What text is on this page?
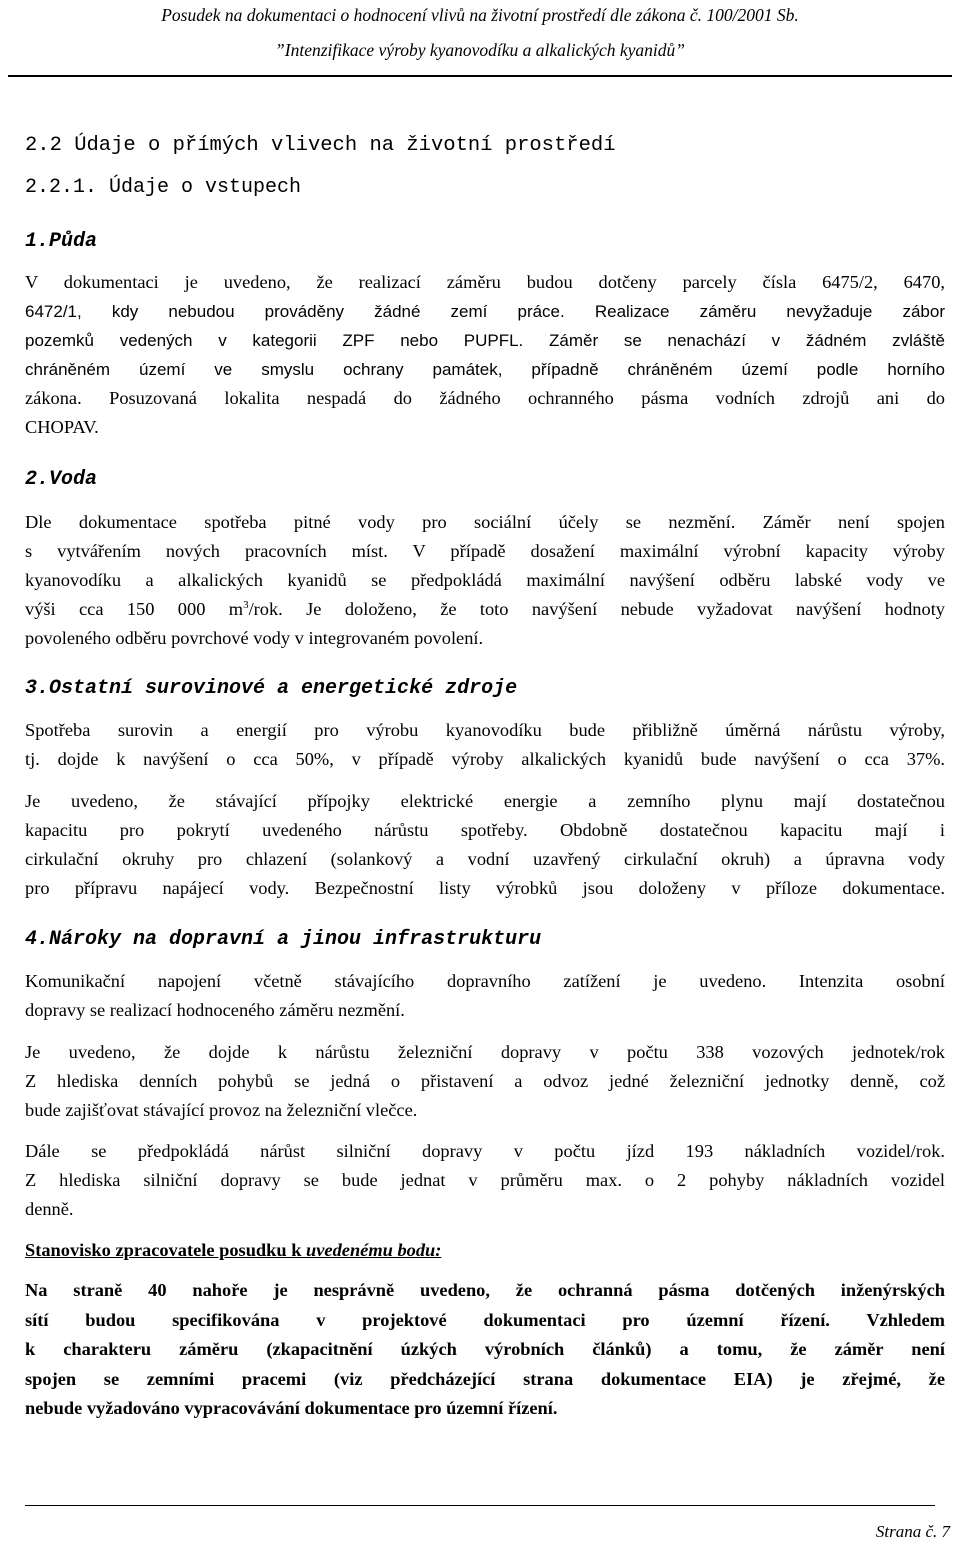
Posudek na dokumentaci o hodnocení vlivů na životní prostředí dle zákona č. 100/2001 Sb.
”Intenzifikace výroby kyanovodíku a alkalických kyanidů”
2.2 Údaje o přímých vlivech na životní prostředí
2.2.1. Údaje o vstupech
1.Půda
V dokumentaci je uvedeno, že realizací záměru budou dotčeny parcely čísla 6475/2, 6470,
6472/1, kdy nebudou prováděny žádné zemí práce. Realizace záměru nevyžaduje zábor
pozemků vedených v kategorii ZPF nebo PUPFL. Záměr se nenachází v žádném zvláště
chráněném území ve smyslu ochrany památek, případně chráněném území podle horního
zákona. Posuzovaná lokalita nespadá do žádného ochranného pásma vodních zdrojů ani do
CHOPAV.
2.Voda
Dle dokumentace spotřeba pitné vody pro sociální účely se nezmění. Záměr není spojen
s vytvářením nových pracovních míst. V případě dosažení maximální výrobní kapacity výroby
kyanovodíku a alkalických kyanidů se předpokládá maximální navýšení odběru labské vody ve
výši cca 150 000 $m^3$/rok. Je doloženo, že toto navýšení nebude vyžadovat navýšení hodnoty
povoleného odběru povrchové vody v integrovaném povolení.
3.Ostatní surovinové a energetické zdroje
Spotřeba surovin a energií pro výrobu kyanovodíku bude přibližně úměrná nárůstu výroby,
tj. dojde k navýšení o cca 50%, v případě výroby alkalických kyanidů bude navýšení o cca 37%.
Je uvedeno, že stávající přípojky elektrické energie a zemního plynu mají dostatečnou
kapacitu pro pokrytí uvedeného nárůstu spotřeby. Obdobně dostatečnou kapacitu mají i
cirkulační okruhy pro chlazení (solankový a vodní uzavřený cirkulační okruh) a úpravna vody
pro přípravu napájecí vody. Bezpečnostní listy výrobků jsou doloženy v příloze dokumentace.
4.Nároky na dopravní a jinou infrastrukturu
Komunikační napojení včetně stávajícího dopravního zatížení je uvedeno. Intenzita osobní
dopravy se realizací hodnoceného záměru nezmění.
Je uvedeno, že dojde k nárůstu železniční dopravy v počtu 338 vozových jednotek/rok
Z hlediska denních pohybů se jedná o přistavení a odvoz jedné železniční jednotky denně, což
bude zajišťovat stávající provoz na železniční vlečce.
Dále se předpokládá nárůst silniční dopravy v počtu jízd 193 nákladních vozidel/rok.
Z hlediska silniční dopravy se bude jednat v průměru max. o 2 pohyby nákladních vozidel
denně.
Stanovisko zpracovatele posudku k uvedenému bodu:
Na straně 40 nahoře je nesprávně uvedeno, že ochranná pásma dotčených inženýrských
sítí budou specifikována v projektové dokumentaci pro územní řízení. Vzhledem
k charakteru záměru (zkapacitnění úzkých výrobních článků) a tomu, že záměr není
spojen se zemními pracemi (viz předcházející strana dokumentace EIA) je zřejmé, že
nebude vyžadováno vypracovávání dokumentace pro územní řízení.
Strana č. 7
